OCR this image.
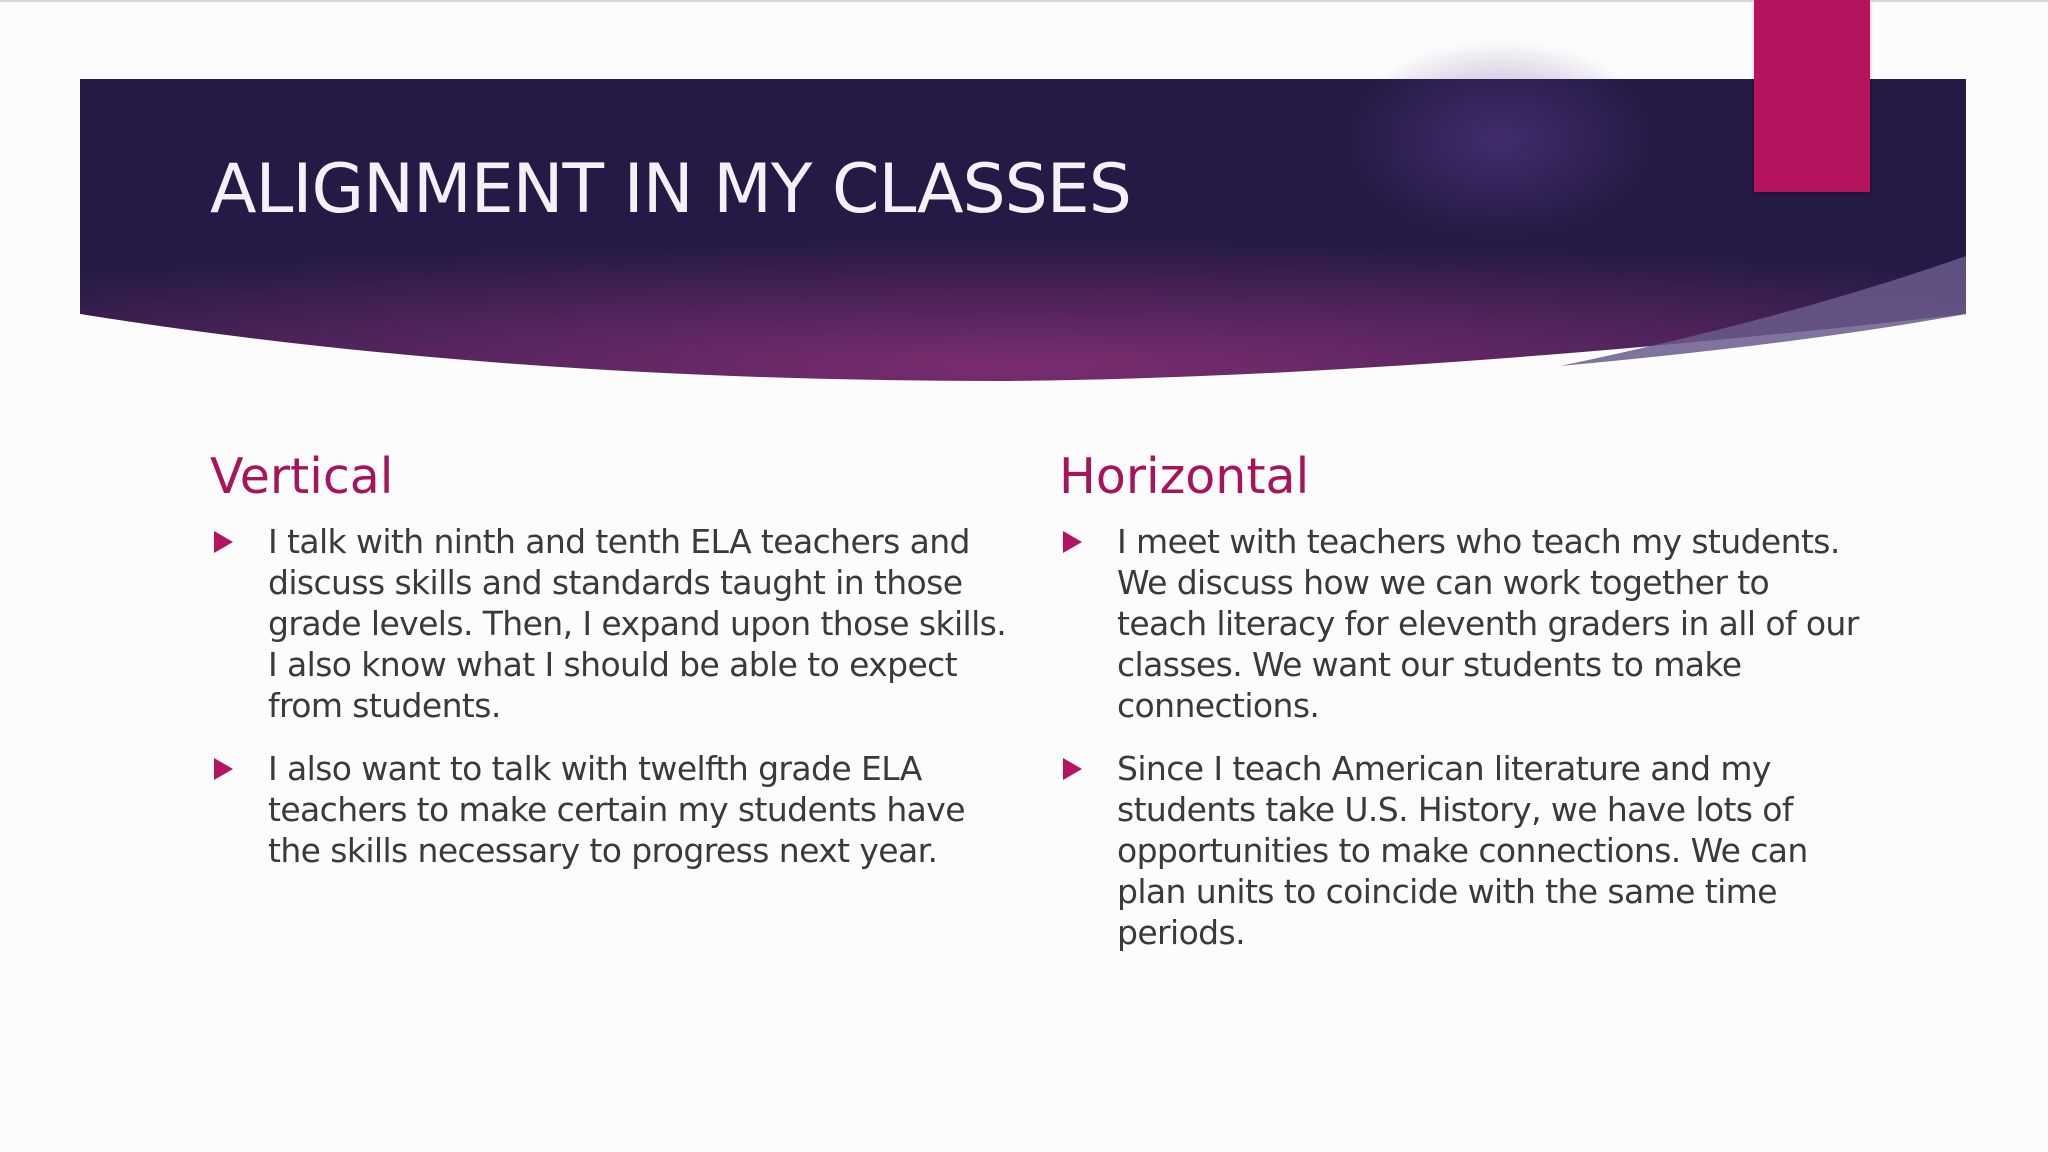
ALIGNMENT IN MY CLASSES
Vertical
I talk with ninth and tenth ELA teachers and discuss skills and standards taught in those grade levels. Then, I expand upon those skills. I also know what I should be able to expect from students.
I also want to talk with twelfth grade ELA teachers to make certain my students have the skills necessary to progress next year.
Horizontal
I meet with teachers who teach my students. We discuss how we can work together to teach literacy for eleventh graders in all of our classes. We want our students to make connections.
Since I teach American literature and my students take U.S. History, we have lots of opportunities to make connections. We can plan units to coincide with the same time periods.
